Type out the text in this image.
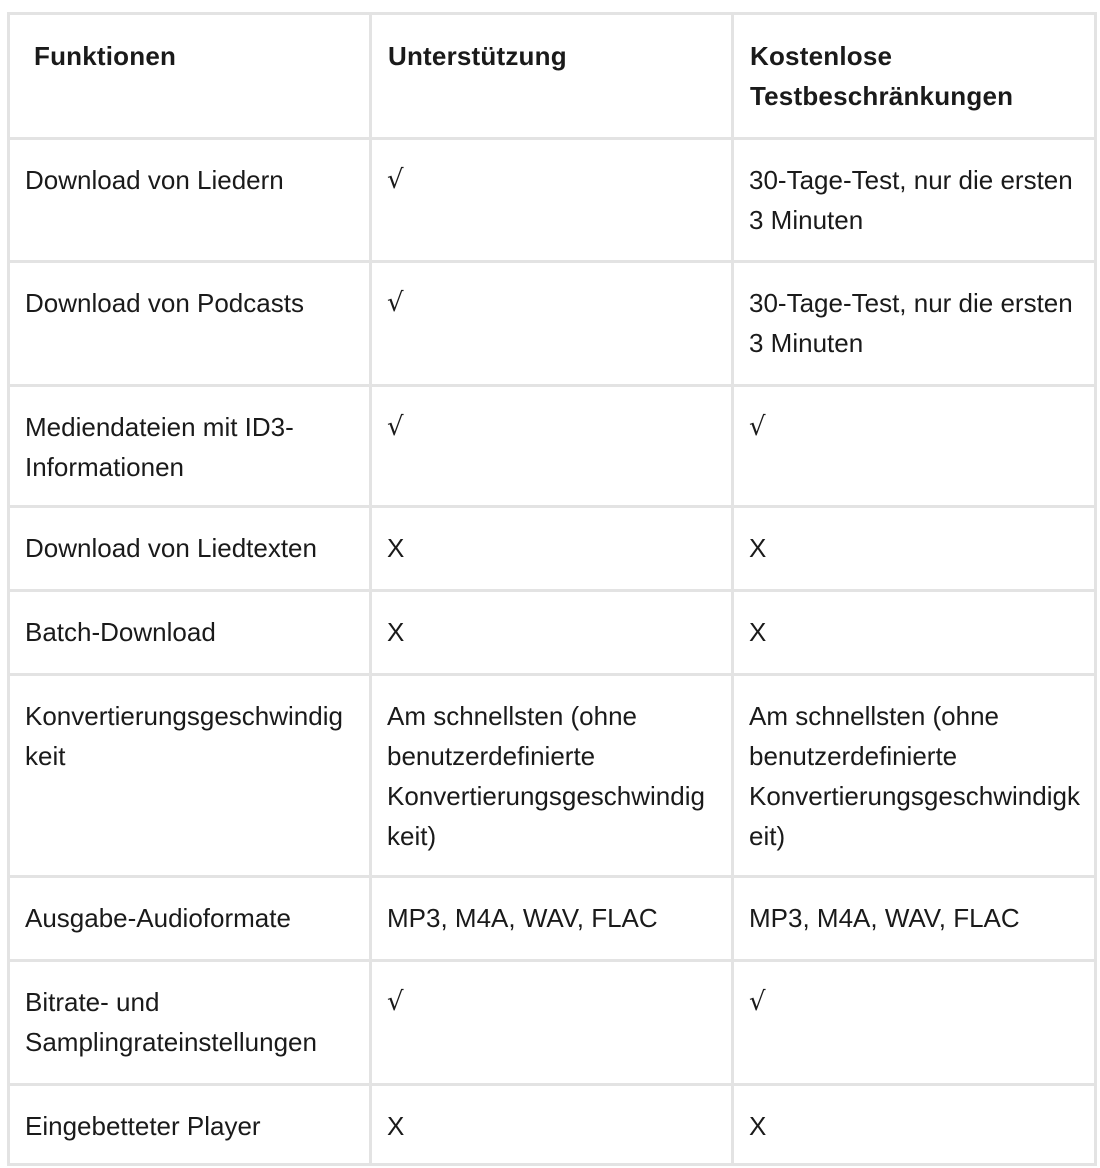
Funktionen	Unterstützung	Kostenlose Testbeschränkungen
Download von Liedern	√	30-Tage-Test, nur die ersten 3 Minuten
Download von Podcasts	√	30-Tage-Test, nur die ersten 3 Minuten
Mediendateien mit ID3-Informationen	√	√
Download von Liedtexten	X	X
Batch-Download	X	X
Konvertierungsgeschwindigkeit	Am schnellsten (ohne benutzerdefinierte Konvertierungsgeschwindigkeit)	Am schnellsten (ohne benutzerdefinierte Konvertierungsgeschwindigkeit)
Ausgabe-Audioformate	MP3, M4A, WAV, FLAC	MP3, M4A, WAV, FLAC
Bitrate- und Samplingrateinstellungen	√	√
Eingebetteter Player	X	X
